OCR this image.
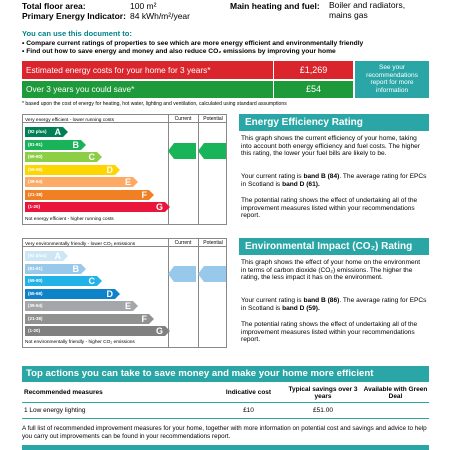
Total floor area:	100 m²
Primary Energy Indicator: 84 kWh/m²/year
Main heating and fuel: Boiler and radiators, mains gas
You can use this document to:
• Compare current ratings of properties to see which are more energy efficient and environmentally friendly
• Find out how to save energy and money and also reduce CO₂ emissions by improving your home
Estimated energy costs for your home for 3 years*	£1,269
Over 3 years you could save*	£54
See your recommendations report for more information
* based upon the cost of energy for heating, hot water, lighting and ventilation, calculated using standard assumptions
Current	Potential
Very energy efficient - lower running costs
(92 plus) A
(81-91)	B
(69-80)	C
(55-68)	D
(39-54)	E
(21-38)	F
(1-20)	G
Not energy efficient - higher running costs
84	85
Energy Efficiency Rating
This graph shows the current efficiency of your home, taking into account both energy efficiency and fuel costs. The higher this rating, the lower your fuel bills are likely to be.
Your current rating is band B (84). The average rating for EPCs in Scotland is band D (61).
The potential rating shows the effect of undertaking all of the improvement measures listed within your recommendations report.
Current	Potential
Very environmentally friendly - lower CO₂ emissions
(92 plus) A
(81-91)	B
(69-80)	C
(55-68)	D
(39-54)	E
(21-38)	F
(1-20)	G
Not environmentally friendly - higher CO₂ emissions
86	87
Environmental Impact (CO₂) Rating
This graph shows the effect of your home on the environment in terms of carbon dioxide (CO₂) emissions. The higher the rating, the less impact it has on the environment.
Your current rating is band B (86). The average rating for EPCs in Scotland is band D (59).
The potential rating shows the effect of undertaking all of the improvement measures listed within your recommendations report.
Top actions you can take to save money and make your home more efficient
Recommended measures	Indicative cost	Typical savings over 3 years	Available with Green Deal
1 Low energy lighting	£10	£51.00	
A full list of recommended improvement measures for your home, together with more information on potential cost and savings and advice to help you carry out improvements can be found in your recommendations report.
